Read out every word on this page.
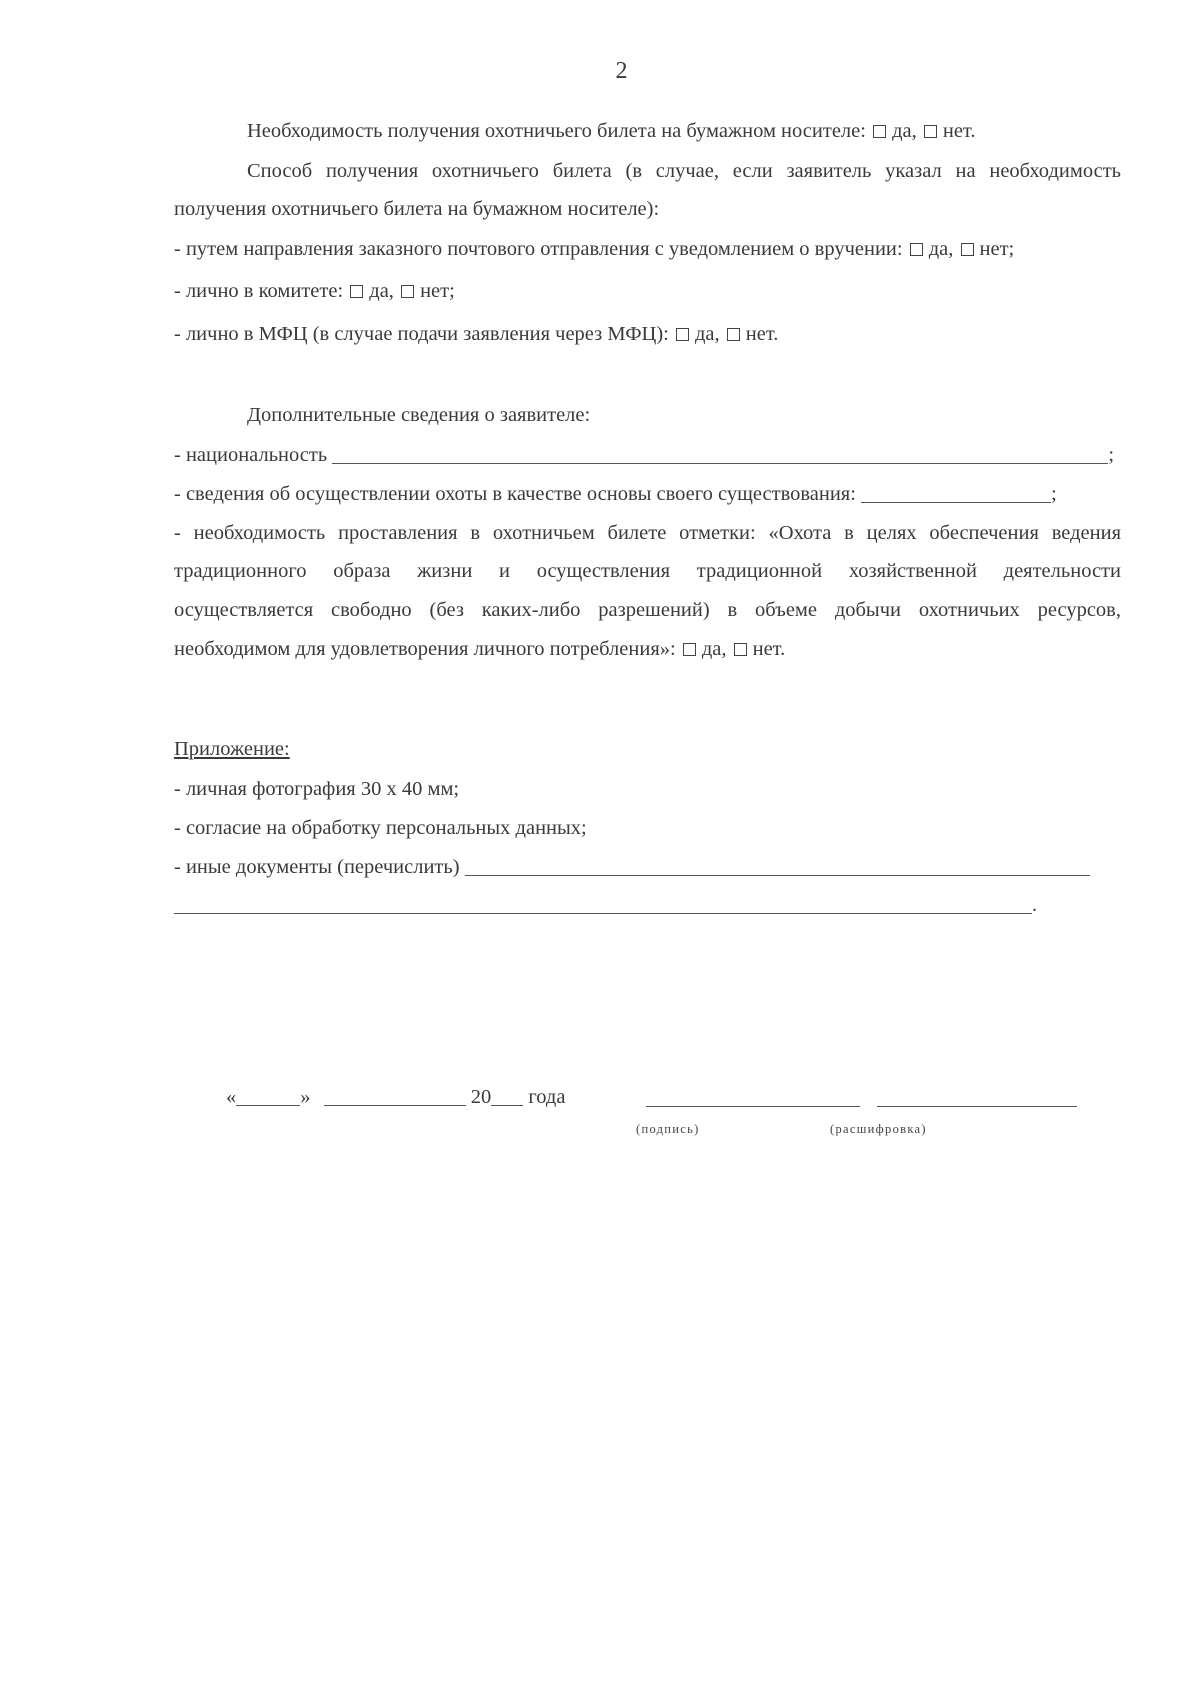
2
Необходимость получения охотничьего билета на бумажном носителе: да, нет.
Способ получения охотничьего билета (в случае, если заявитель указал на необходимость
получения охотничьего билета на бумажном носителе):
- путем направления заказного почтового отправления с уведомлением о вручении: да, нет;
- лично в комитете: да, нет;
- лично в МФЦ (в случае подачи заявления через МФЦ): да, нет.
Дополнительные сведения о заявителе:
- национальность	;
- сведения об осуществлении охоты в качестве основы своего существования:	;
- необходимость проставления в охотничьем билете отметки: «Охота в целях обеспечения ведения
традиционного образа жизни и осуществления традиционной хозяйственной деятельности
осуществляется свободно (без каких-либо разрешений) в объеме добычи охотничьих ресурсов,
необходимом для удовлетворения личного потребления»: да, нет.
Приложение:
- личная фотография 30 х 40 мм;
- согласие на обработку персональных данных;
- иные документы (перечислить)
.
«	»	20 года
(подпись)	(расшифровка)
